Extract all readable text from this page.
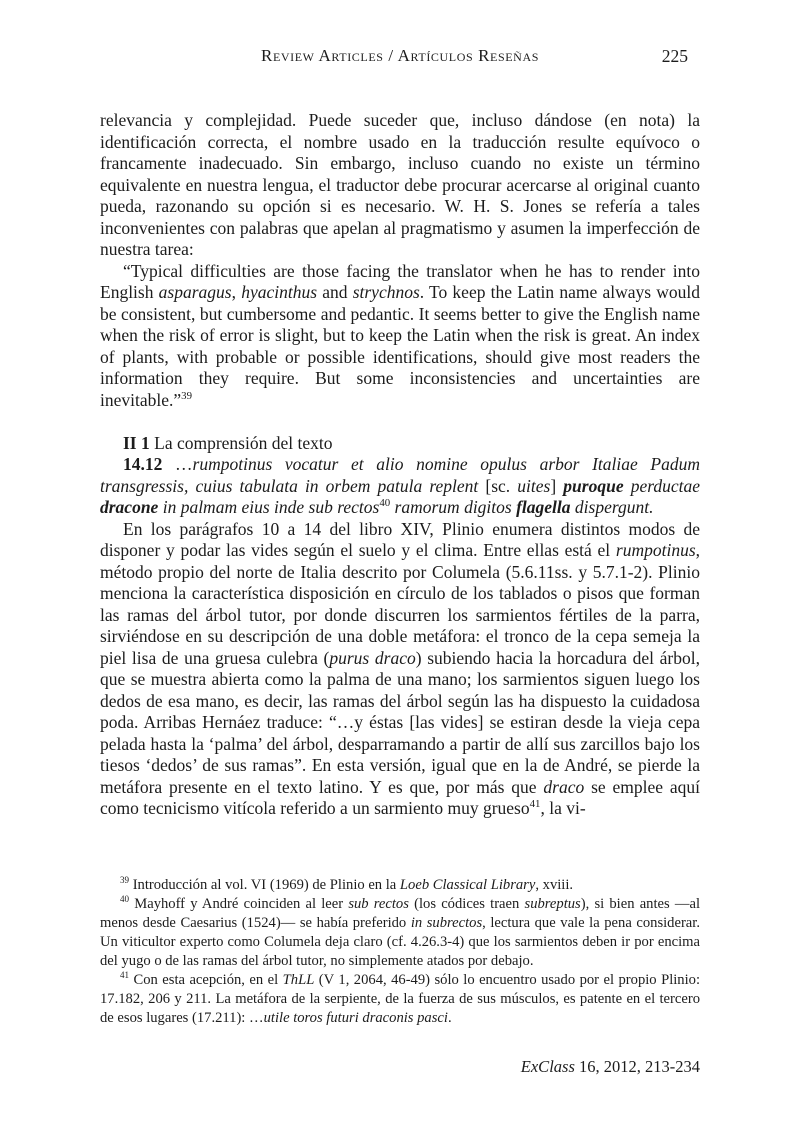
Review Articles / Artículos Reseñas	225

relevancia y complejidad. Puede suceder que, incluso dándose (en nota) la identificación correcta, el nombre usado en la traducción resulte equívoco o francamente inadecuado. Sin embargo, incluso cuando no existe un término equivalente en nuestra lengua, el traductor debe procurar acercarse al original cuanto pueda, razonando su opción si es necesario. W. H. S. Jones se refería a tales inconvenientes con palabras que apelan al pragmatismo y asumen la imperfección de nuestra tarea:

“Typical difficulties are those facing the translator when he has to render into English asparagus, hyacinthus and strychnos. To keep the Latin name always would be consistent, but cumbersome and pedantic. It seems better to give the English name when the risk of error is slight, but to keep the Latin when the risk is great. An index of plants, with probable or possible identifications, should give most readers the information they require. But some inconsistencies and uncertainties are inevitable.”$^{39}$

II 1 La comprensión del texto

14.12 …rumpotinus vocatur et alio nomine opulus arbor Italiae Padum transgressis, cuius tabulata in orbem patula replent [sc. uites] puroque perductae dracone in palmam eius inde sub rectos$^{40}$ ramorum digitos flagella dispergunt.

En los parágrafos 10 a 14 del libro XIV, Plinio enumera distintos modos de disponer y podar las vides según el suelo y el clima. Entre ellas está el rumpotinus, método propio del norte de Italia descrito por Columela (5.6.11ss. y 5.7.1-2). Plinio menciona la característica disposición en círculo de los tablados o pisos que forman las ramas del árbol tutor, por donde discurren los sarmientos fértiles de la parra, sirviéndose en su descripción de una doble metáfora: el tronco de la cepa semeja la piel lisa de una gruesa culebra (purus draco) subiendo hacia la horcadura del árbol, que se muestra abierta como la palma de una mano; los sarmientos siguen luego los dedos de esa mano, es decir, las ramas del árbol según las ha dispuesto la cuidadosa poda. Arribas Hernáez traduce: “…y éstas [las vides] se estiran desde la vieja cepa pelada hasta la ‘palma’ del árbol, desparramando a partir de allí sus zarcillos bajo los tiesos ‘dedos’ de sus ramas”. En esta versión, igual que en la de André, se pierde la metáfora presente en el texto latino. Y es que, por más que draco se emplee aquí como tecnicismo vitícola referido a un sarmiento muy grueso$^{41}$, la vi-

$^{39}$ Introducción al vol. VI (1969) de Plinio en la Loeb Classical Library, xviii.

$^{40}$ Mayhoff y André coinciden al leer sub rectos (los códices traen subreptus), si bien antes —al menos desde Caesarius (1524)— se había preferido in subrectos, lectura que vale la pena considerar. Un viticultor experto como Columela deja claro (cf. 4.26.3-4) que los sarmientos deben ir por encima del yugo o de las ramas del árbol tutor, no simplemente atados por debajo.

$^{41}$ Con esta acepción, en el ThLL (V 1, 2064, 46-49) sólo lo encuentro usado por el propio Plinio: 17.182, 206 y 211. La metáfora de la serpiente, de la fuerza de sus músculos, es patente en el tercero de esos lugares (17.211): …utile toros futuri draconis pasci.

ExClass 16, 2012, 213-234
